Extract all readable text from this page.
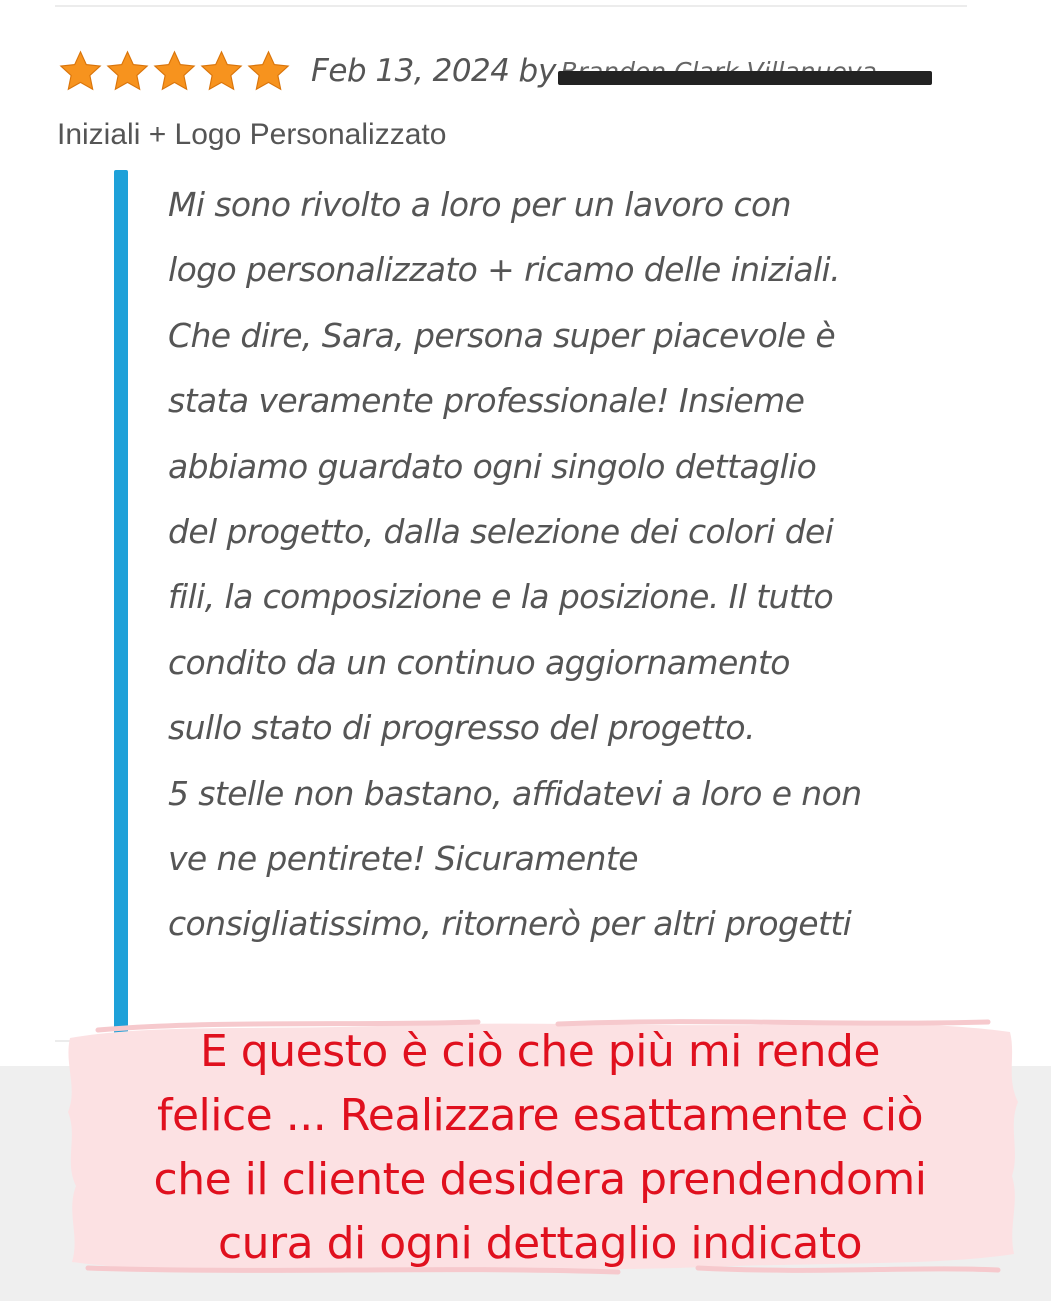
Feb 13, 2024 by
Iniziali + Logo Personalizzato
Mi sono rivolto a loro per un lavoro con
logo personalizzato + ricamo delle iniziali.
Che dire, Sara, persona super piacevole è
stata veramente professionale! Insieme
abbiamo guardato ogni singolo dettaglio
del progetto, dalla selezione dei colori dei
fili, la composizione e la posizione. Il tutto
condito da un continuo aggiornamento
sullo stato di progresso del progetto.
5 stelle non bastano, affidatevi a loro e non
ve ne pentirete! Sicuramente
consigliatissimo, ritornerò per altri progetti
E questo è ciò che più mi rende
felice ... Realizzare esattamente ciò
che il cliente desidera prendendomi
cura di ogni dettaglio indicato
